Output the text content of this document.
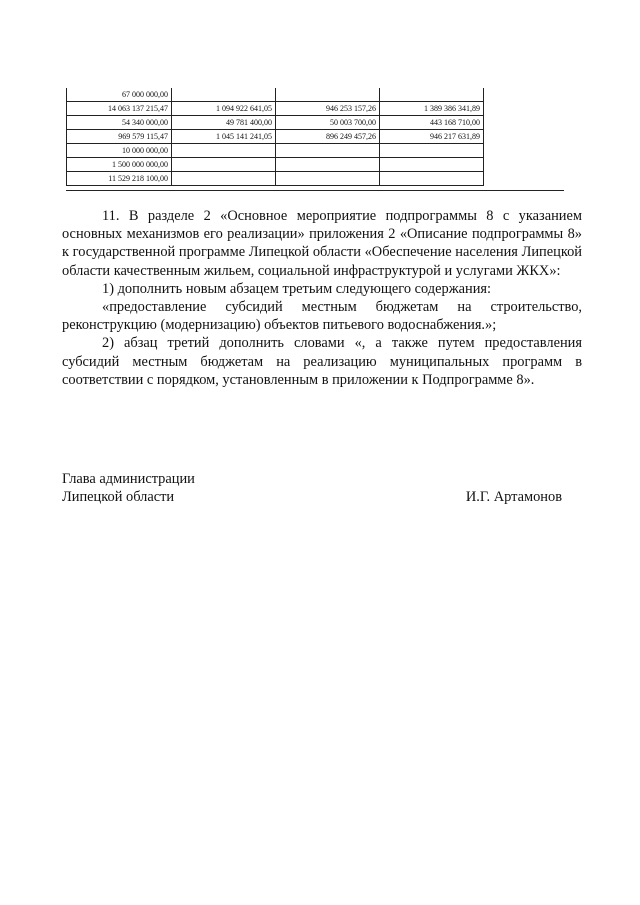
67 000 000,00			
14 063 137 215,47	1 094 922 641,05	946 253 157,26	1 389 386 341,89
54 340 000,00	49 781 400,00	50 003 700,00	443 168 710,00
969 579 115,47	1 045 141 241,05	896 249 457,26	946 217 631,89
10 000 000,00			
1 500 000 000,00			
11 529 218 100,00			

11. В разделе 2 «Основное мероприятие подпрограммы 8 с указанием основных механизмов его реализации» приложения 2 «Описание подпрограммы 8» к государственной программе Липецкой области «Обеспечение населения Липецкой области качественным жильем, социальной инфраструктурой и услугами ЖКХ»:

1) дополнить новым абзацем третьим следующего содержания:

«предоставление субсидий местным бюджетам на строительство, реконструкцию (модернизацию) объектов питьевого водоснабжения.»;

2) абзац третий дополнить словами «, а также путем предоставления субсидий местным бюджетам на реализацию муниципальных программ в соответствии с порядком, установленным в приложении к Подпрограмме 8».

Глава администрации
Липецкой области	И.Г. Артамонов
